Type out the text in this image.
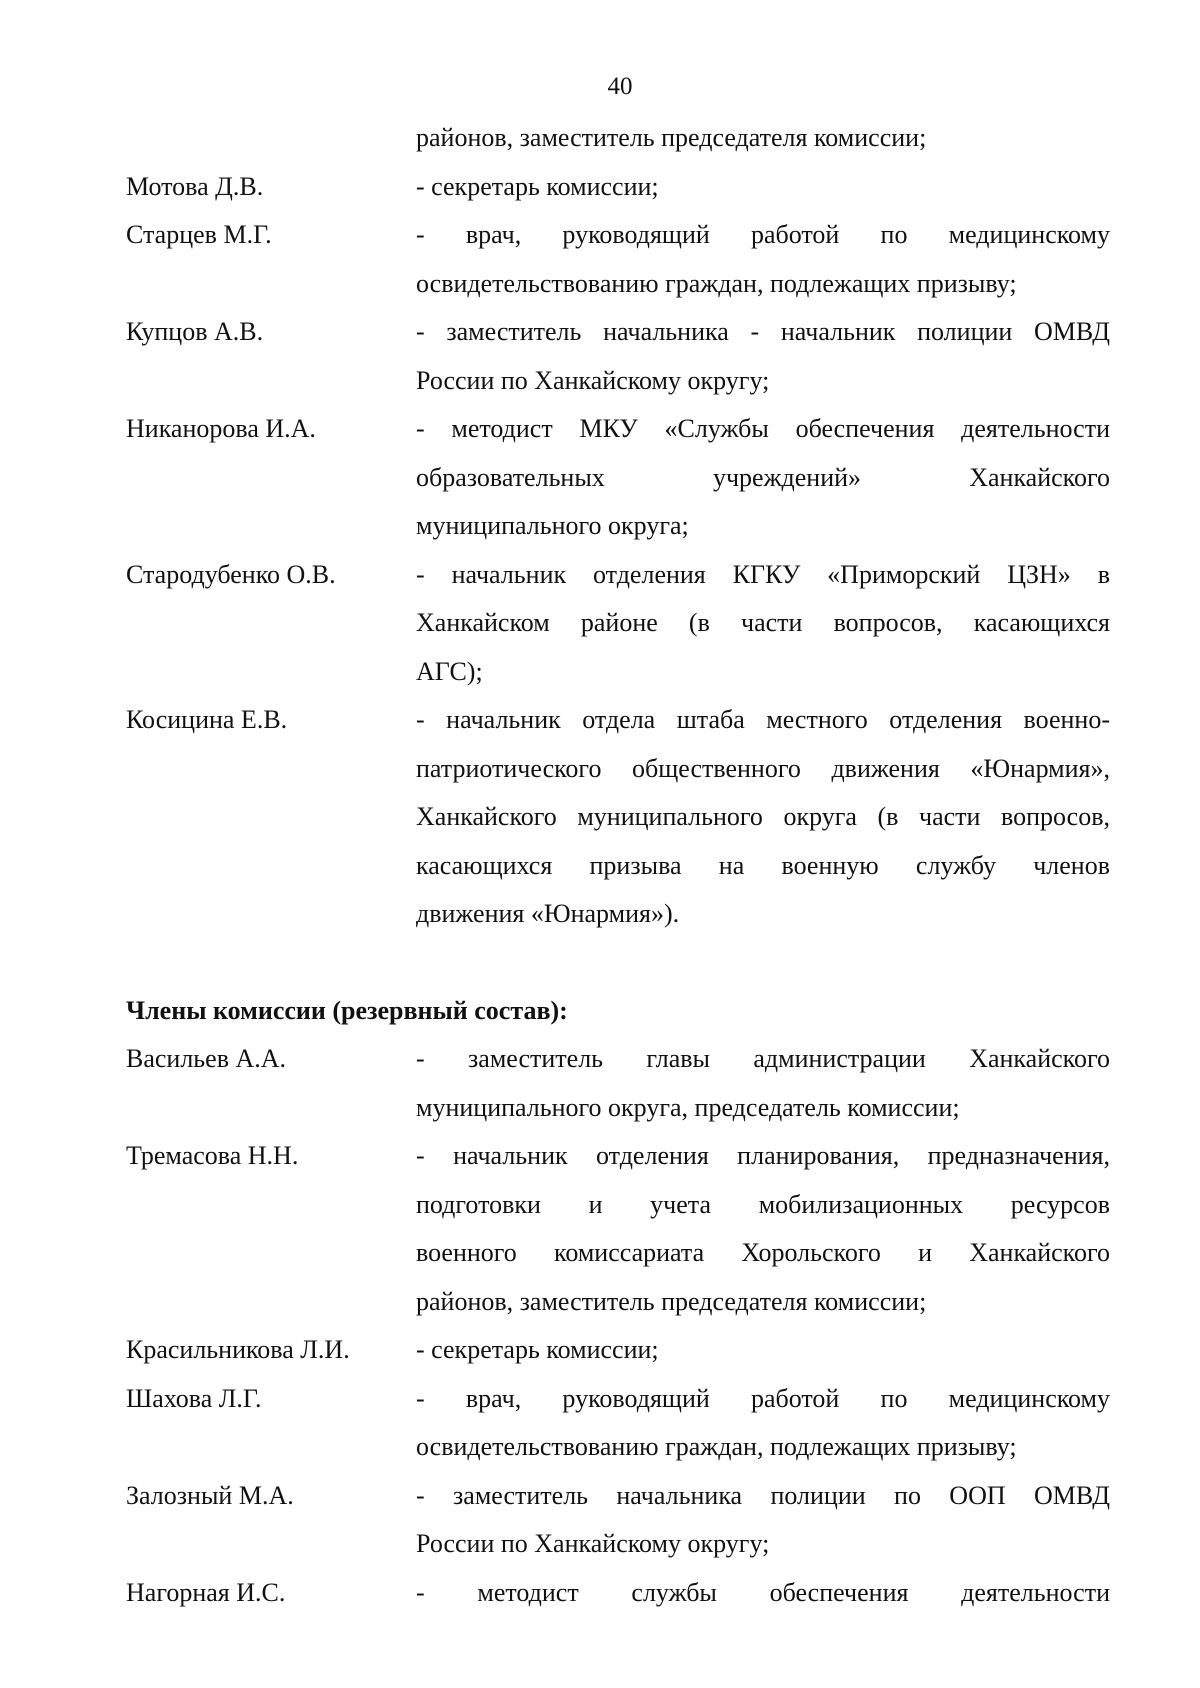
40
районов, заместитель председателя комиссии;
Мотова Д.В.	- секретарь комиссии;
Старцев М.Г.	- врач, руководящий работой по медицинскому
освидетельствованию граждан, подлежащих призыву;
Купцов А.В.	- заместитель начальника - начальник полиции ОМВД
России по Ханкайскому округу;
Никанорова И.А.	- методист МКУ «Службы обеспечения деятельности
образовательных учреждений» Ханкайского
муниципального округа;
Стародубенко О.В.	- начальник отделения КГКУ «Приморский ЦЗН» в
Ханкайском районе (в части вопросов, касающихся
АГС);
Косицина Е.В.	- начальник отдела штаба местного отделения военно-
патриотического общественного движения «Юнармия»,
Ханкайского муниципального округа (в части вопросов,
касающихся призыва на военную службу членов
движения «Юнармия»).
Члены комиссии (резервный состав):
Васильев А.А.	- заместитель главы администрации Ханкайского
муниципального округа, председатель комиссии;
Тремасова Н.Н.	- начальник отделения планирования, предназначения,
подготовки и учета мобилизационных ресурсов
военного комиссариата Хорольского и Ханкайского
районов, заместитель председателя комиссии;
Красильникова Л.И.	- секретарь комиссии;
Шахова Л.Г.	- врач, руководящий работой по медицинскому
освидетельствованию граждан, подлежащих призыву;
Залозный М.А.	- заместитель начальника полиции по ООП ОМВД
России по Ханкайскому округу;
Нагорная И.С.	- методист службы обеспечения деятельности
